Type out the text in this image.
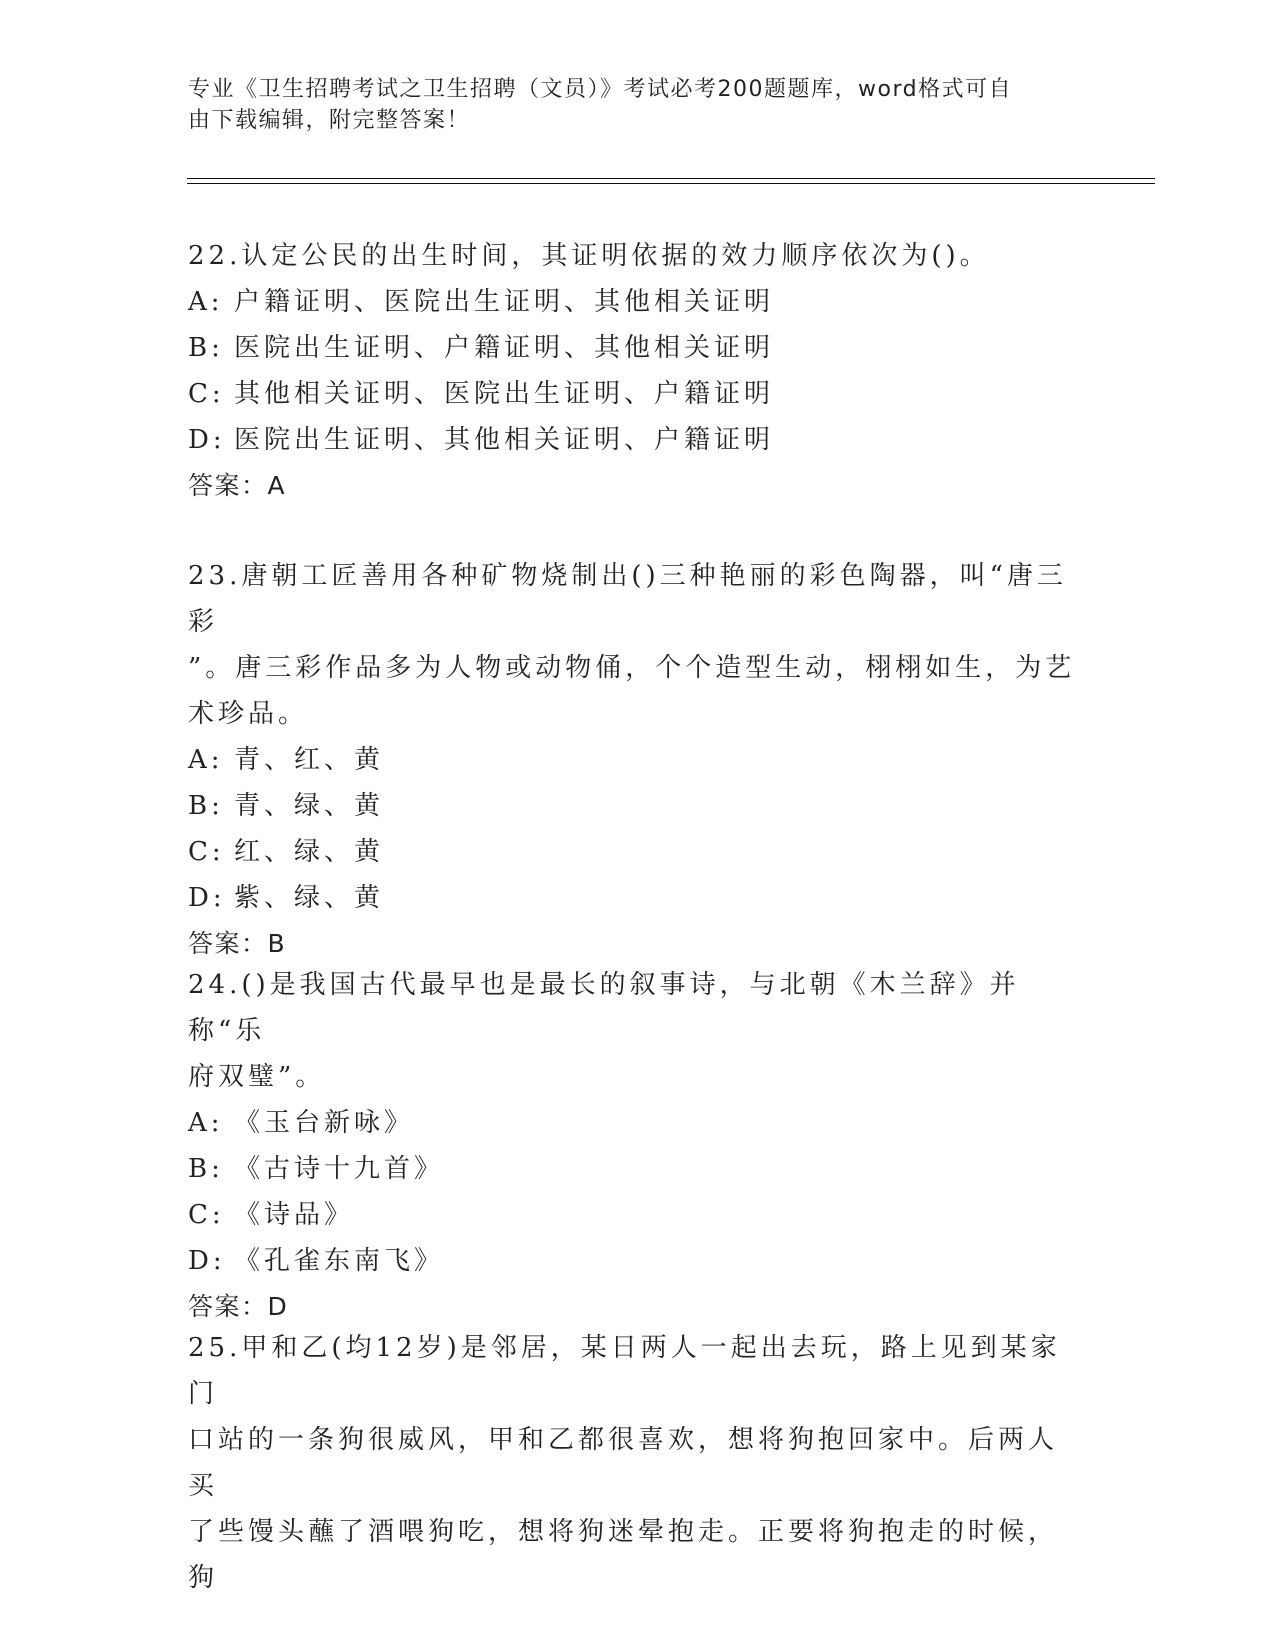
专业《卫生招聘考试之卫生招聘（文员）》考试必考200题题库，word格式可自
由下载编辑，附完整答案！
22.认定公民的出生时间，其证明依据的效力顺序依次为()。
A: 户籍证明、医院出生证明、其他相关证明
B: 医院出生证明、户籍证明、其他相关证明
C: 其他相关证明、医院出生证明、户籍证明
D: 医院出生证明、其他相关证明、户籍证明
答案：A
23.唐朝工匠善用各种矿物烧制出()三种艳丽的彩色陶器，叫“唐三彩
”。唐三彩作品多为人物或动物俑，个个造型生动，栩栩如生，为艺
术珍品。
A: 青、红、黄
B: 青、绿、黄
C: 红、绿、黄
D: 紫、绿、黄
答案：B
24.()是我国古代最早也是最长的叙事诗，与北朝《木兰辞》并称“乐
府双璧”。
A: 《玉台新咏》
B: 《古诗十九首》
C: 《诗品》
D: 《孔雀东南飞》
答案：D
25.甲和乙(均12岁)是邻居，某日两人一起出去玩，路上见到某家门
口站的一条狗很威风，甲和乙都很喜欢，想将狗抱回家中。后两人买
了些馒头蘸了酒喂狗吃，想将狗迷晕抱走。正要将狗抱走的时候，狗
